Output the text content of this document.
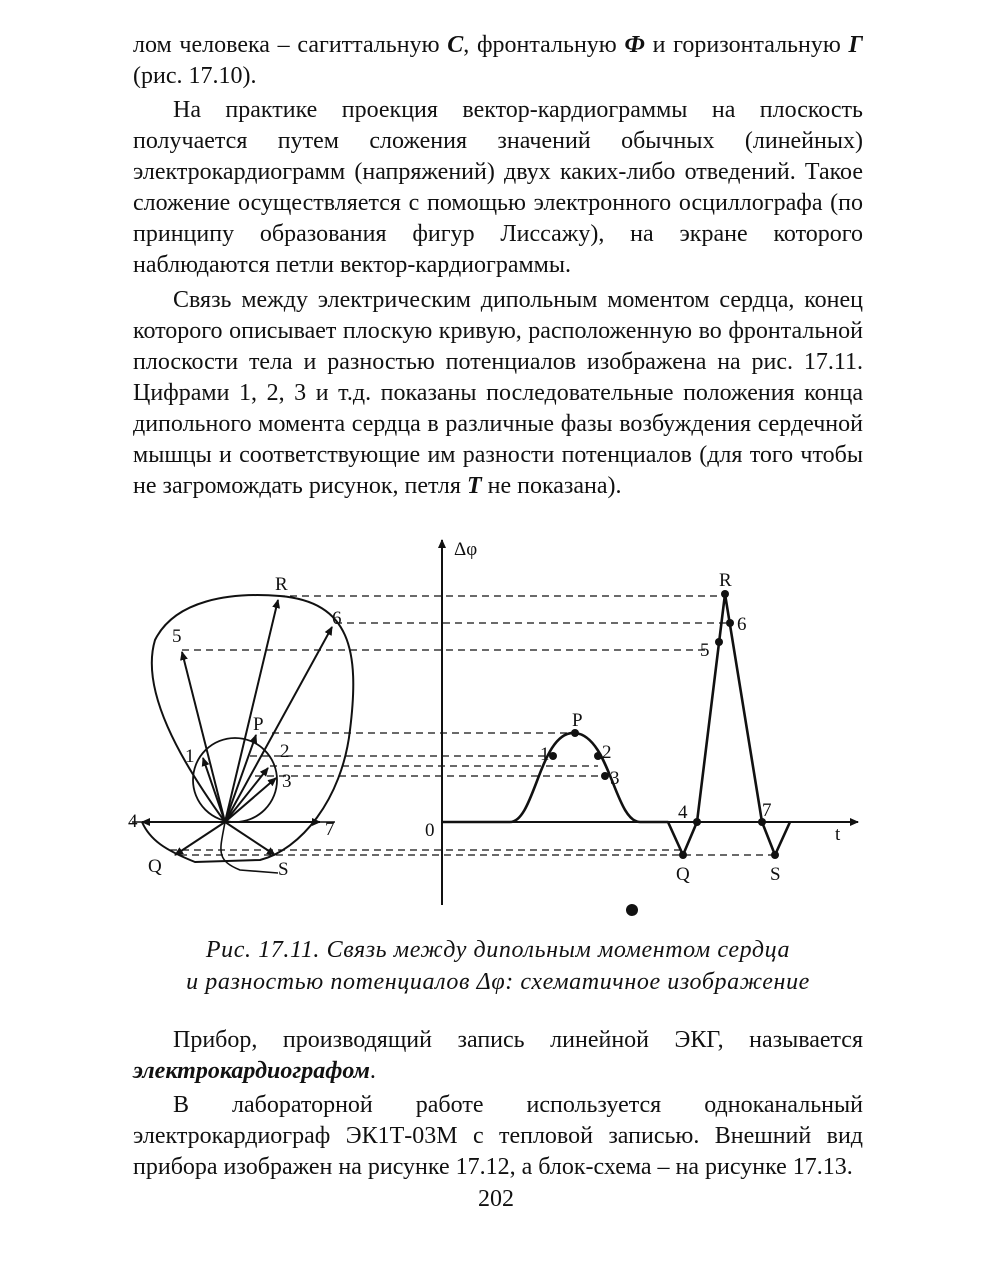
лом человека – сагиттальную С, фронтальную Ф и горизонтальную Г (рис. 17.10).

На практике проекция вектор-кардиограммы на плоскость получается путем сложения значений обычных (линейных) электрокардиограмм (напряжений) двух каких-либо отведений. Такое сложение осуществляется с помощью электронного осциллографа (по принципу образования фигур Лиссажу), на экране которого наблюдаются петли вектор-кардиограммы.

Связь между электрическим дипольным моментом сердца, конец которого описывает плоскую кривую, расположенную во фронтальной плоскости тела и разностью потенциалов изображена на рис. 17.11. Цифрами 1, 2, 3 и т.д. показаны последовательные положения конца дипольного момента сердца в различные фазы возбуждения сердечной мышцы и соответствующие им разности потенциалов (для того чтобы не загромождать рисунок, петля Т не показана).

Δφ
t
0
R
5
6
P
1	2
3
4	7
Q	S
P
1	2
3
4
R
5
6
7
Q	S
Рис. 17.11. Связь между дипольным моментом сердца
и разностью потенциалов Δφ: схематичное изображение

Прибор, производящий запись линейной ЭКГ, называется электрокардиографом.

В лабораторной работе используется одноканальный электрокардиограф ЭК1Т-03М с тепловой записью. Внешний вид прибора изображен на рисунке 17.12, а блок-схема – на рисунке 17.13.

202
